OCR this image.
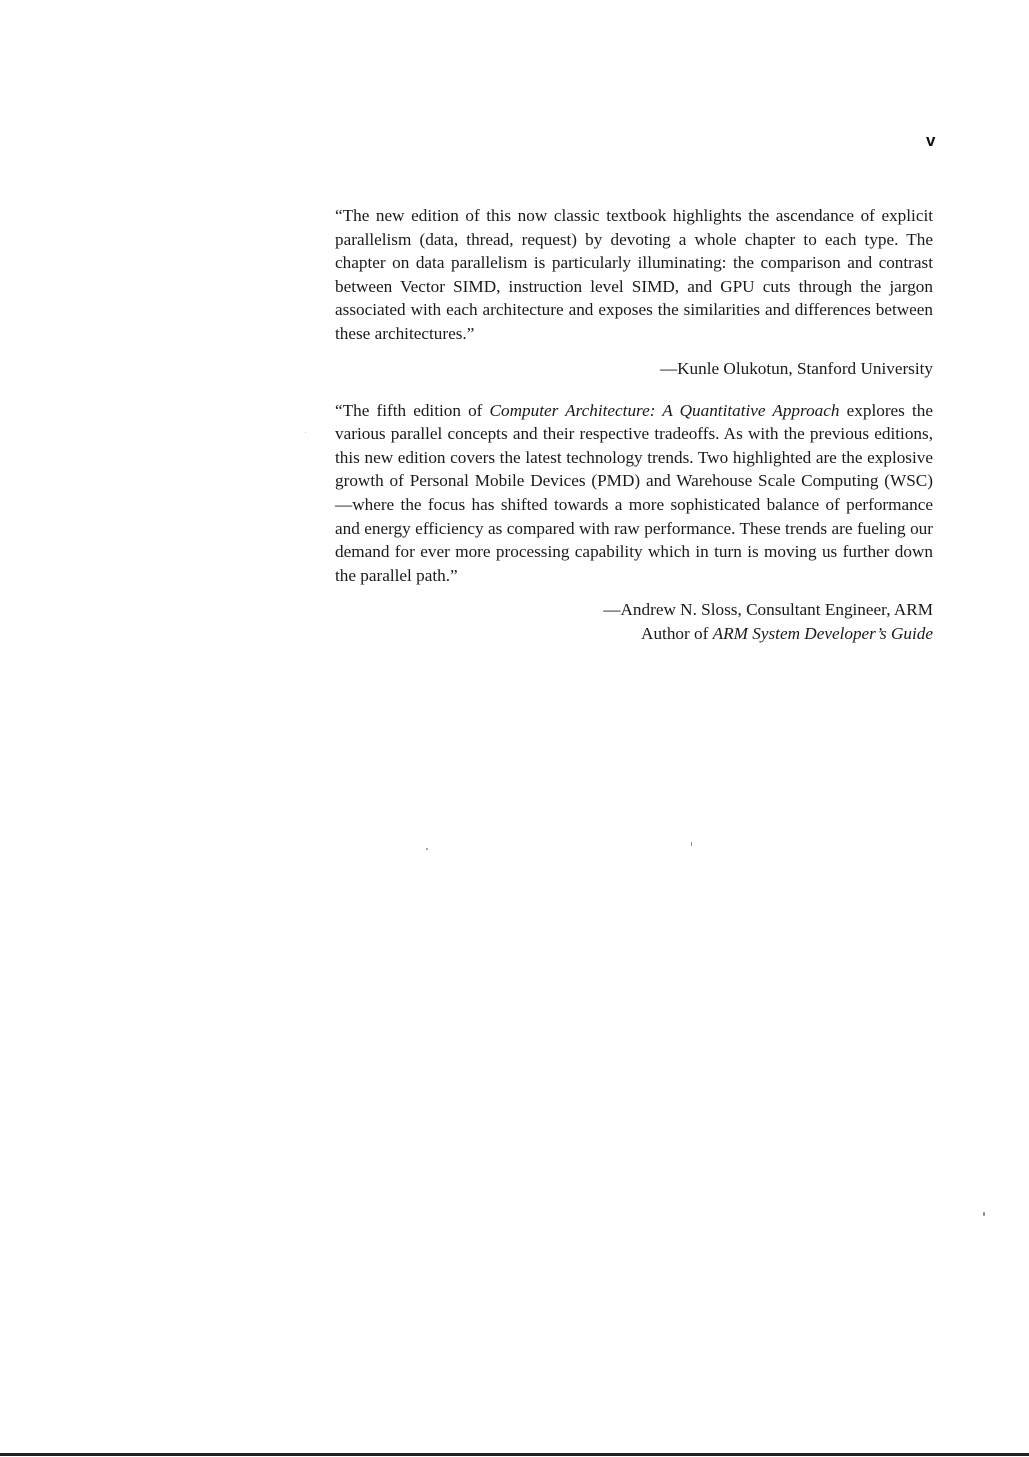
v

“The new edition of this now classic textbook highlights the ascendance of explicit parallelism (data, thread, request) by devoting a whole chapter to each type. The chapter on data parallelism is particularly illuminating: the comparison and contrast between Vector SIMD, instruction level SIMD, and GPU cuts through the jargon associated with each architecture and exposes the similarities and differences between these architectures.”

—Kunle Olukotun, Stanford University

“The fifth edition of Computer Architecture: A Quantitative Approach explores the various parallel concepts and their respective tradeoffs. As with the previous editions, this new edition covers the latest technology trends. Two highlighted are the explosive growth of Personal Mobile Devices (PMD) and Warehouse Scale Computing (WSC)—where the focus has shifted towards a more sophisticated balance of performance and energy efficiency as compared with raw performance. These trends are fueling our demand for ever more processing capability which in turn is moving us further down the parallel path.”

—Andrew N. Sloss, Consultant Engineer, ARM

Author of ARM System Developer’s Guide
